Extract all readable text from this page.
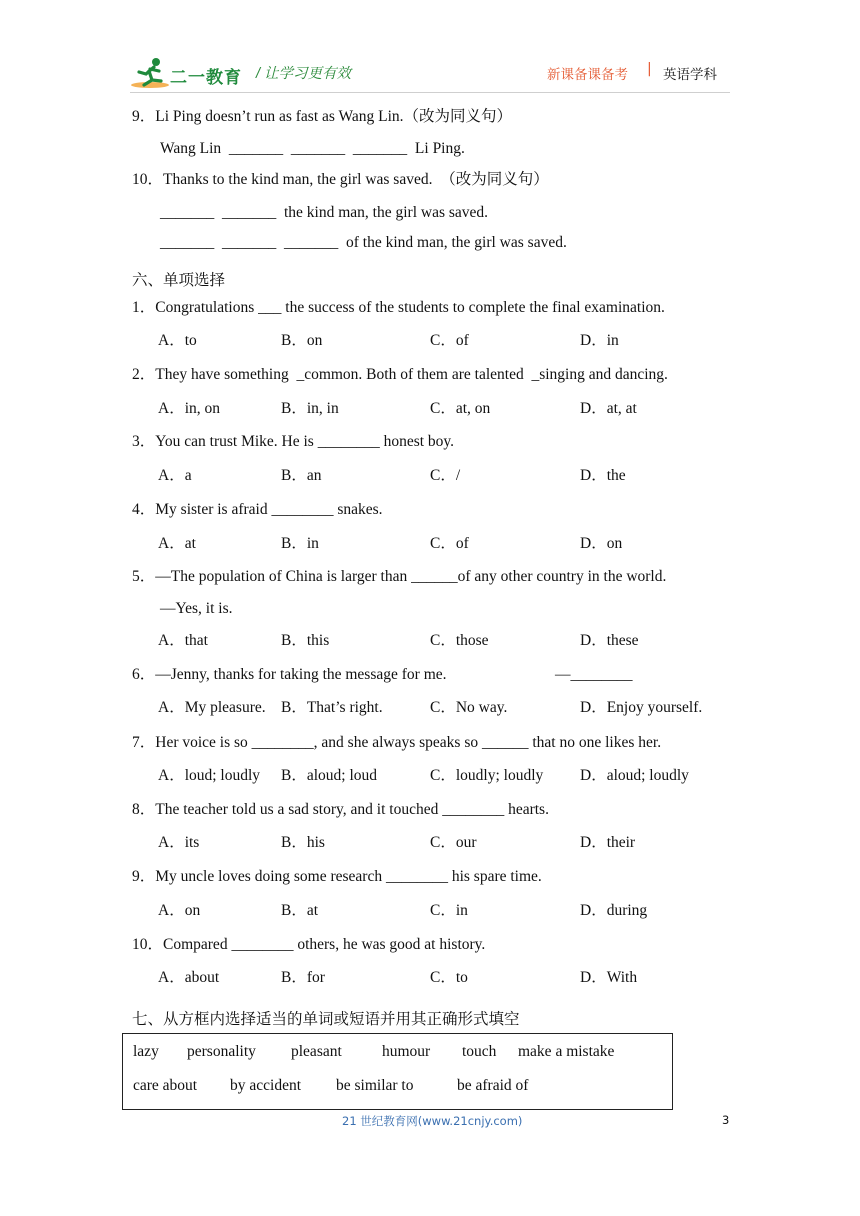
二一教育 / 让学习更有效	新课备课备考 | 英语学科
9．Li Ping doesn’t run as fast as Wang Lin.（改为同义句）
Wang Lin  _______  _______  _______  Li Ping.
10．Thanks to the kind man, the girl was saved.  （改为同义句）
_______  _______  the kind man, the girl was saved.
_______  _______  _______  of the kind man, the girl was saved.
六、单项选择
1．Congratulations ___ the success of the students to complete the final examination.
A．to	B．on	C．of	D．in
2．They have something  _common. Both of them are talented  _singing and dancing.
A．in, on	B．in, in	C．at, on	D．at, at
3．You can trust Mike. He is ________ honest boy.
A．a	B．an	C．/	D．the
4．My sister is afraid ________ snakes.
A．at	B．in	C．of	D．on
5．—The population of China is larger than ______of any other country in the world.
—Yes, it is.
A．that	B．this	C．those	D．these
6．—Jenny, thanks for taking the message for me.	—________
A．My pleasure. B．That’s right.	C．No way.	D．Enjoy yourself.
7．Her voice is so ________, and she always speaks so ______ that no one likes her.
A．loud; loudly B．aloud; loud	C．loudly; loudly D．aloud; loudly
8．The teacher told us a sad story, and it touched ________ hearts.
A．its	B．his	C．our	D．their
9．My uncle loves doing some research ________ his spare time.
A．on	B．at	C．in	D．during
10．Compared ________ others, he was good at history.
A．about	B．for	C．to	D．With
七、从方框内选择适当的单词或短语并用其正确形式填空
lazy personality pleasant	humour touch make a mistake
care about by accident be similar to	be afraid of
21 世纪教育网(www.21cnjy.com)	3
